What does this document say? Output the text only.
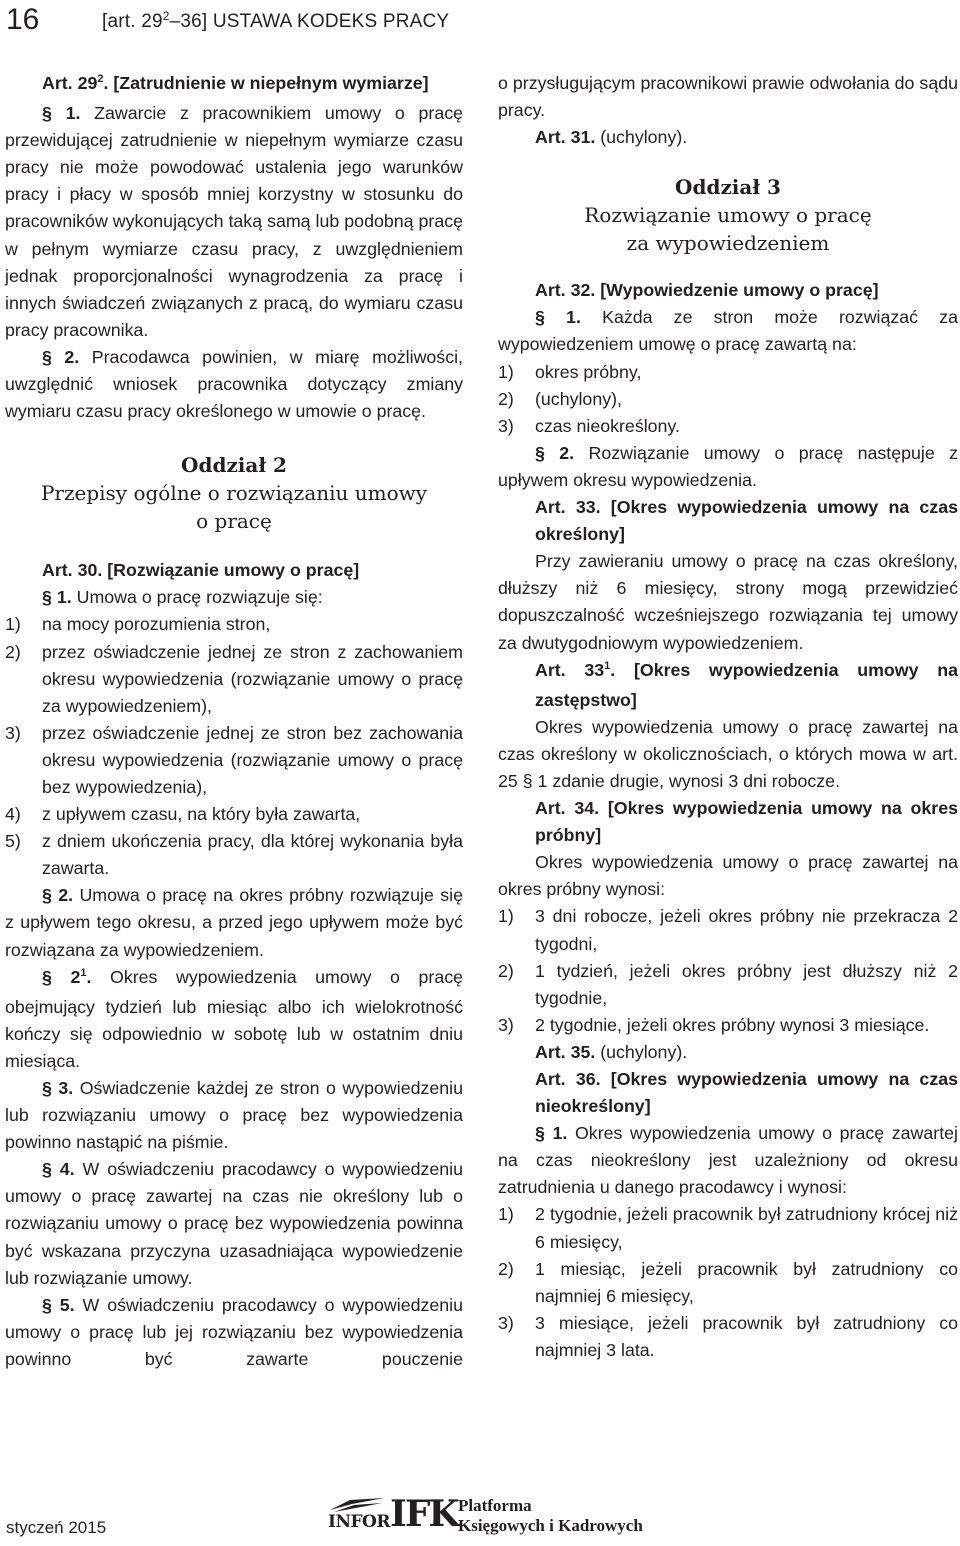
16	[art. $29^2-36$] USTAWA KODEKS PRACY

Art. $29^2$. [Zatrudnienie w niepełnym wymiarze]

§ 1. Zawarcie z pracownikiem umowy o pracę przewidującej zatrudnienie w niepełnym wymiarze czasu pracy nie może powodować ustalenia jego warunków pracy i płacy w sposób mniej korzystny w stosunku do pracowników wykonujących taką samą lub podobną pracę w pełnym wymiarze czasu pracy, z uwzględnieniem jednak proporcjonalności wynagrodzenia za pracę i innych świadczeń związanych z pracą, do wymiaru czasu pracy pracownika.

§ 2. Pracodawca powinien, w miarę możliwości, uwzględnić wniosek pracownika dotyczący zmiany wymiaru czasu pracy określonego w umowie o pracę.

Oddział 2
Przepisy ogólne o rozwiązaniu umowy
o pracę

Art. 30. [Rozwiązanie umowy o pracę]

§ 1. Umowa o pracę rozwiązuje się:

1) na mocy porozumienia stron,

2) przez oświadczenie jednej ze stron z zachowaniem okresu wypowiedzenia (rozwiązanie umowy o pracę za wypowiedzeniem),

3) przez oświadczenie jednej ze stron bez zachowania okresu wypowiedzenia (rozwiązanie umowy o pracę bez wypowiedzenia),

4) z upływem czasu, na który była zawarta,

5) z dniem ukończenia pracy, dla której wykonania była zawarta.

§ 2. Umowa o pracę na okres próbny rozwiązuje się z upływem tego okresu, a przed jego upływem może być rozwiązana za wypowiedzeniem.

§ $2^1$. Okres wypowiedzenia umowy o pracę obejmujący tydzień lub miesiąc albo ich wielokrotność kończy się odpowiednio w sobotę lub w ostatnim dniu miesiąca.

§ 3. Oświadczenie każdej ze stron o wypowiedzeniu lub rozwiązaniu umowy o pracę bez wypowiedzenia powinno nastąpić na piśmie.

§ 4. W oświadczeniu pracodawcy o wypowiedzeniu umowy o pracę zawartej na czas nie określony lub o rozwiązaniu umowy o pracę bez wypowiedzenia powinna być wskazana przyczyna uzasadniająca wypowiedzenie lub rozwiązanie umowy.

§ 5. W oświadczeniu pracodawcy o wypowiedzeniu umowy o pracę lub jej rozwiązaniu bez wypowiedzenia powinno być zawarte pouczenie

o przysługującym pracownikowi prawie odwołania do sądu pracy.

Art. 31. (uchylony).

Oddział 3
Rozwiązanie umowy o pracę
za wypowiedzeniem

Art. 32. [Wypowiedzenie umowy o pracę]

§ 1. Każda ze stron może rozwiązać za wypowiedzeniem umowę o pracę zawartą na:

1) okres próbny,

2) (uchylony),

3) czas nieokreślony.

§ 2. Rozwiązanie umowy o pracę następuje z upływem okresu wypowiedzenia.

Art. 33. [Okres wypowiedzenia umowy na czas określony]

Przy zawieraniu umowy o pracę na czas określony, dłuższy niż 6 miesięcy, strony mogą przewidzieć dopuszczalność wcześniejszego rozwiązania tej umowy za dwutygodniowym wypowiedzeniem.

Art. $33^1$. [Okres wypowiedzenia umowy na zastępstwo]

Okres wypowiedzenia umowy o pracę zawartej na czas określony w okolicznościach, o których mowa w art. 25 § 1 zdanie drugie, wynosi 3 dni robocze.

Art. 34. [Okres wypowiedzenia umowy na okres próbny]

Okres wypowiedzenia umowy o pracę zawartej na okres próbny wynosi:

1) 3 dni robocze, jeżeli okres próbny nie przekracza 2 tygodni,

2) 1 tydzień, jeżeli okres próbny jest dłuższy niż 2 tygodnie,

3) 2 tygodnie, jeżeli okres próbny wynosi 3 miesiące.

Art. 35. (uchylony).

Art. 36. [Okres wypowiedzenia umowy na czas nieokreślony]

§ 1. Okres wypowiedzenia umowy o pracę zawartej na czas nieokreślony jest uzależniony od okresu zatrudnienia u danego pracodawcy i wynosi:

1) 2 tygodnie, jeżeli pracownik był zatrudniony krócej niż 6 miesięcy,

2) 1 miesiąc, jeżeli pracownik był zatrudniony co najmniej 6 miesięcy,

3) 3 miesiące, jeżeli pracownik był zatrudniony co najmniej 3 lata.

styczeń 2015	INFOR IFK Platforma
Księgowych i Kadrowych
